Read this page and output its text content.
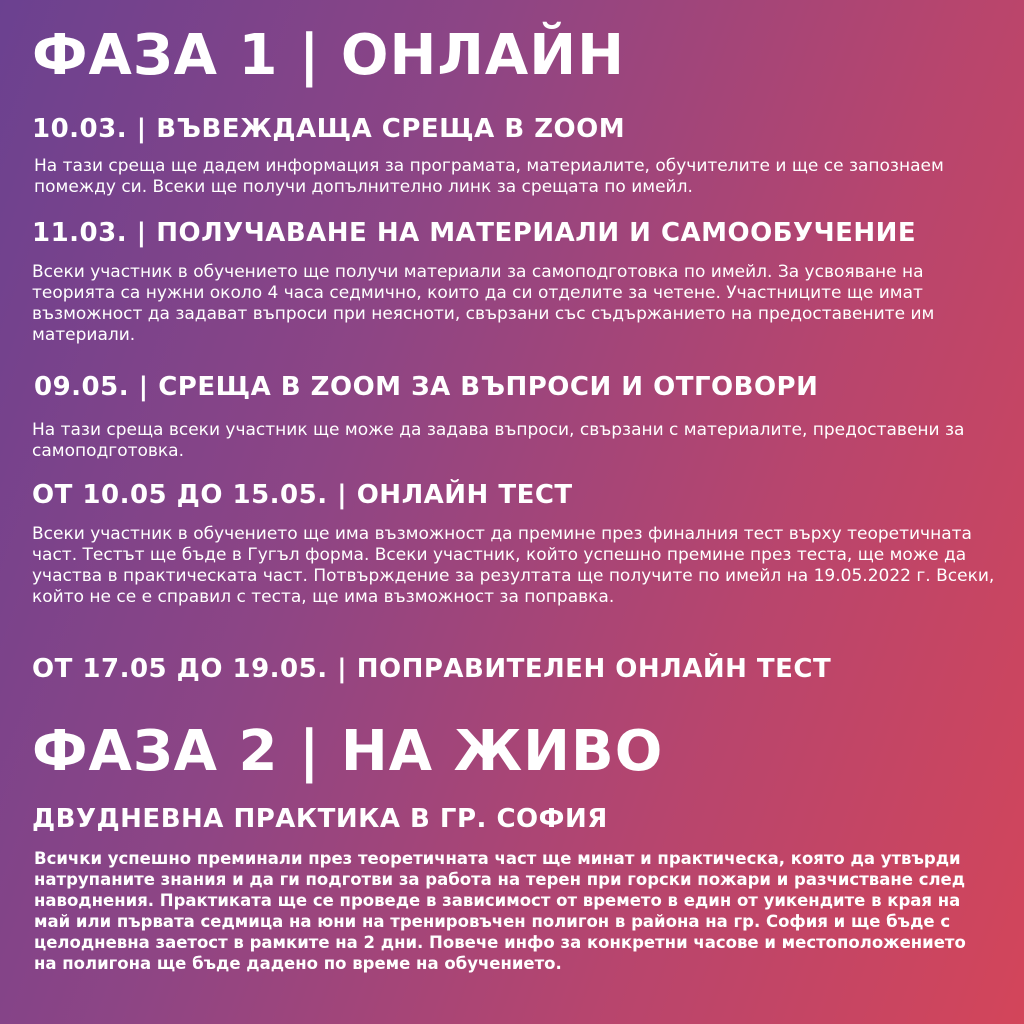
ФАЗА 1 | ОНЛАЙН
10.03. | ВЪВЕЖДАЩА СРЕЩА В ZOOM
На тази среща ще дадем информация за програмата, материалите, обучителите и ще се запознаем помежду си. Всеки ще получи допълнително линк за срещата по имейл.
11.03. | ПОЛУЧАВАНЕ НА МАТЕРИАЛИ И САМООБУЧЕНИЕ
Всеки участник в обучението ще получи материали за самоподготовка по имейл. За усвояване на теорията са нужни около 4 часа седмично, които да си отделите за четене. Участниците ще имат възможност да задават въпроси при неясноти, свързани със съдържанието на предоставените им материали.
09.05. | СРЕЩА В ZOOM ЗА ВЪПРОСИ И ОТГОВОРИ
На тази среща всеки участник ще може да задава въпроси, свързани с материалите, предоставени за самоподготовка.
ОТ 10.05 ДО 15.05. | ОНЛАЙН ТЕСТ
Всеки участник в обучението ще има възможност да премине през финалния тест върху теоретичната част. Тестът ще бъде в Гугъл форма. Всеки участник, който успешно премине през теста, ще може да участва в практическата част. Потвърждение за резултата ще получите по имейл на 19.05.2022 г. Всеки, който не се е справил с теста, ще има възможност за поправка.
ОТ 17.05 ДО 19.05. | ПОПРАВИТЕЛЕН ОНЛАЙН ТЕСТ
ФАЗА 2 | НА ЖИВО
ДВУДНЕВНА ПРАКТИКА В ГР. СОФИЯ
Всички успешно преминали през теоретичната част ще минат и практическа, която да утвърди натрупаните знания и да ги подготви за работа на терен при горски пожари и разчистване след наводнения. Практиката ще се проведе в зависимост от времето в един от уикендите в края на май или първата седмица на юни на тренировъчен полигон в района на гр. София и ще бъде с целодневна заетост в рамките на 2 дни. Повече инфо за конкретни часове и местоположението на полигона ще бъде дадено по време на обучението.
